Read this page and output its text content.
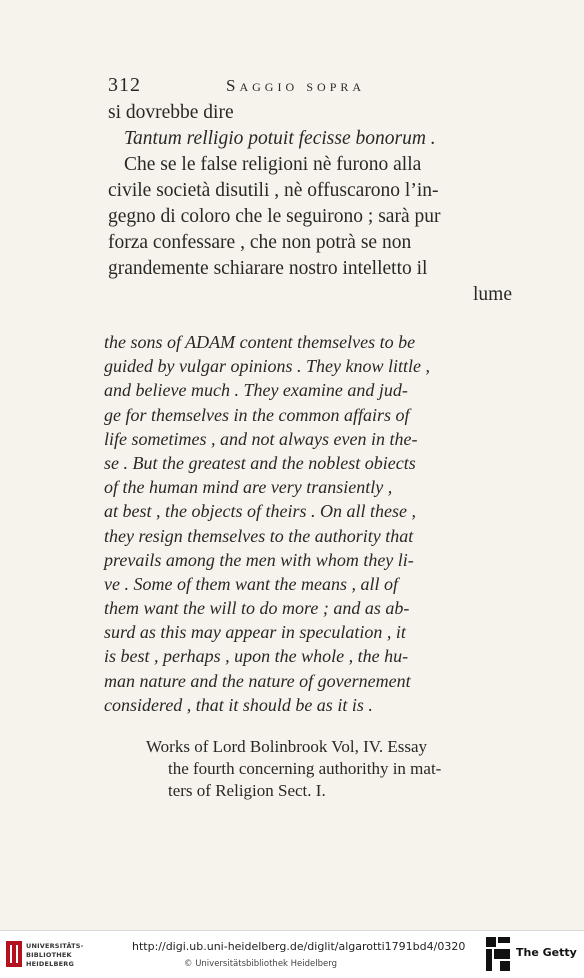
312	Saggio sopra
si dovrebbe dire
Tantum relligio potuit fecisse bonorum .
Che se le false religioni nè furono alla
civile società disutili , nè offuscarono l’in-
gegno di coloro che le seguirono ; sarà pur
forza confessare , che non potrà se non
grandemente schiarare nostro intelletto il
lume
the sons of ADAM content themselves to be
guided by vulgar opinions . They know little ,
and believe much . They examine and jud-
ge for themselves in the common affairs of
life sometimes , and not always even in the-
se . But the greatest and the noblest obiects
of the human mind are very transiently ,
at best , the objects of theirs . On all these ,
they resign themselves to the authority that
prevails among the men with whom they li-
ve . Some of them want the means , all of
them want the will to do more ; and as ab-
surd as this may appear in speculation , it
is best , perhaps , upon the whole , the hu-
man nature and the nature of governement
considered , that it should be as it is .
Works of Lord Bolinbrook Vol, IV. Essay
the fourth concerning authorithy in mat-
ters of Religion Sect. I.
UNIVERSITÄTS-
BIBLIOTHEK
HEIDELBERG
http://digi.ub.uni-heidelberg.de/diglit/algarotti1791bd4/0320
© Universitätsbibliothek Heidelberg
The Getty
